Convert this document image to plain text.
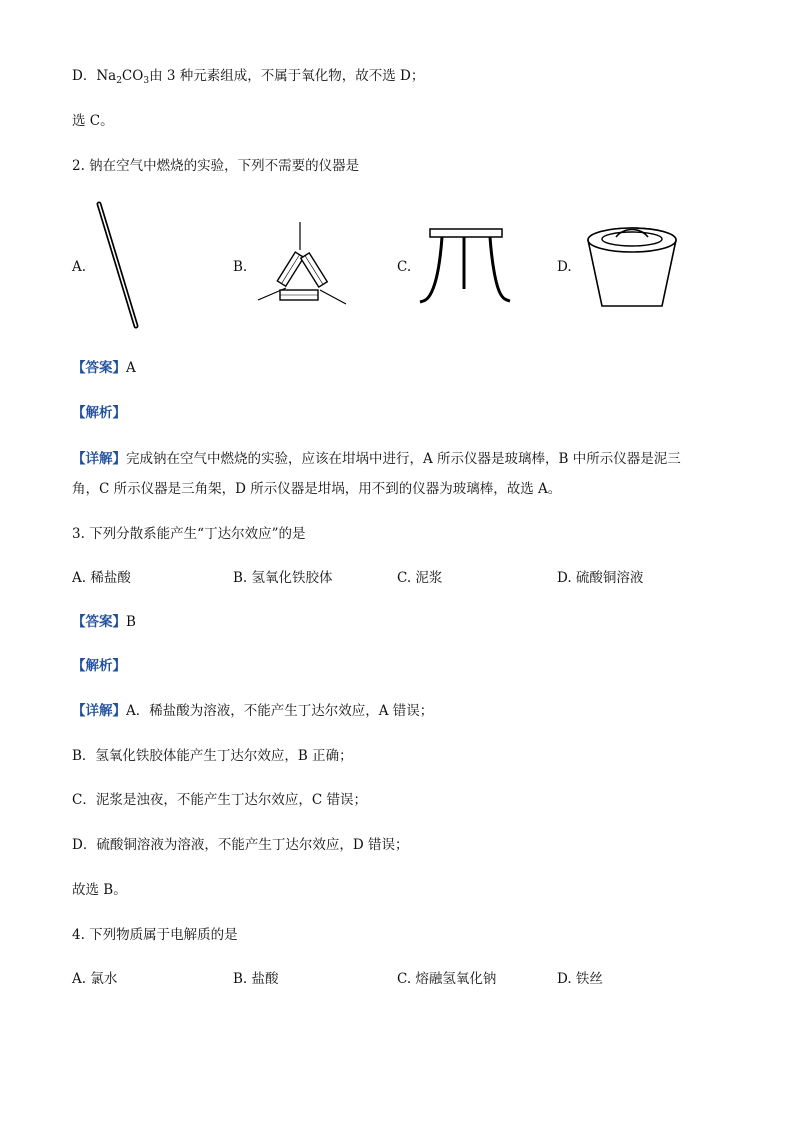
D．$Na_2CO_3$由 3 种元素组成，不属于氧化物，故不选 D；
选 C。
2. 钠在空气中燃烧的实验，下列不需要的仪器是
A.	B.	C.	D.
【答案】A
【解析】
【详解】完成钠在空气中燃烧的实验，应该在坩埚中进行，A 所示仪器是玻璃棒，B 中所示仪器是泥三
角，C 所示仪器是三角架，D 所示仪器是坩埚，用不到的仪器为玻璃棒，故选 A。
3. 下列分散系能产生“丁达尔效应”的是
A. 稀盐酸	B. 氢氧化铁胶体	C. 泥浆	D. 硫酸铜溶液
【答案】B
【解析】
【详解】A．稀盐酸为溶液，不能产生丁达尔效应，A 错误；
B．氢氧化铁胶体能产生丁达尔效应，B 正确；
C．泥浆是浊夜，不能产生丁达尔效应，C 错误；
D．硫酸铜溶液为溶液，不能产生丁达尔效应，D 错误；
故选 B。
4. 下列物质属于电解质的是
A. 氯水	B. 盐酸	C. 熔融氢氧化钠	D. 铁丝
